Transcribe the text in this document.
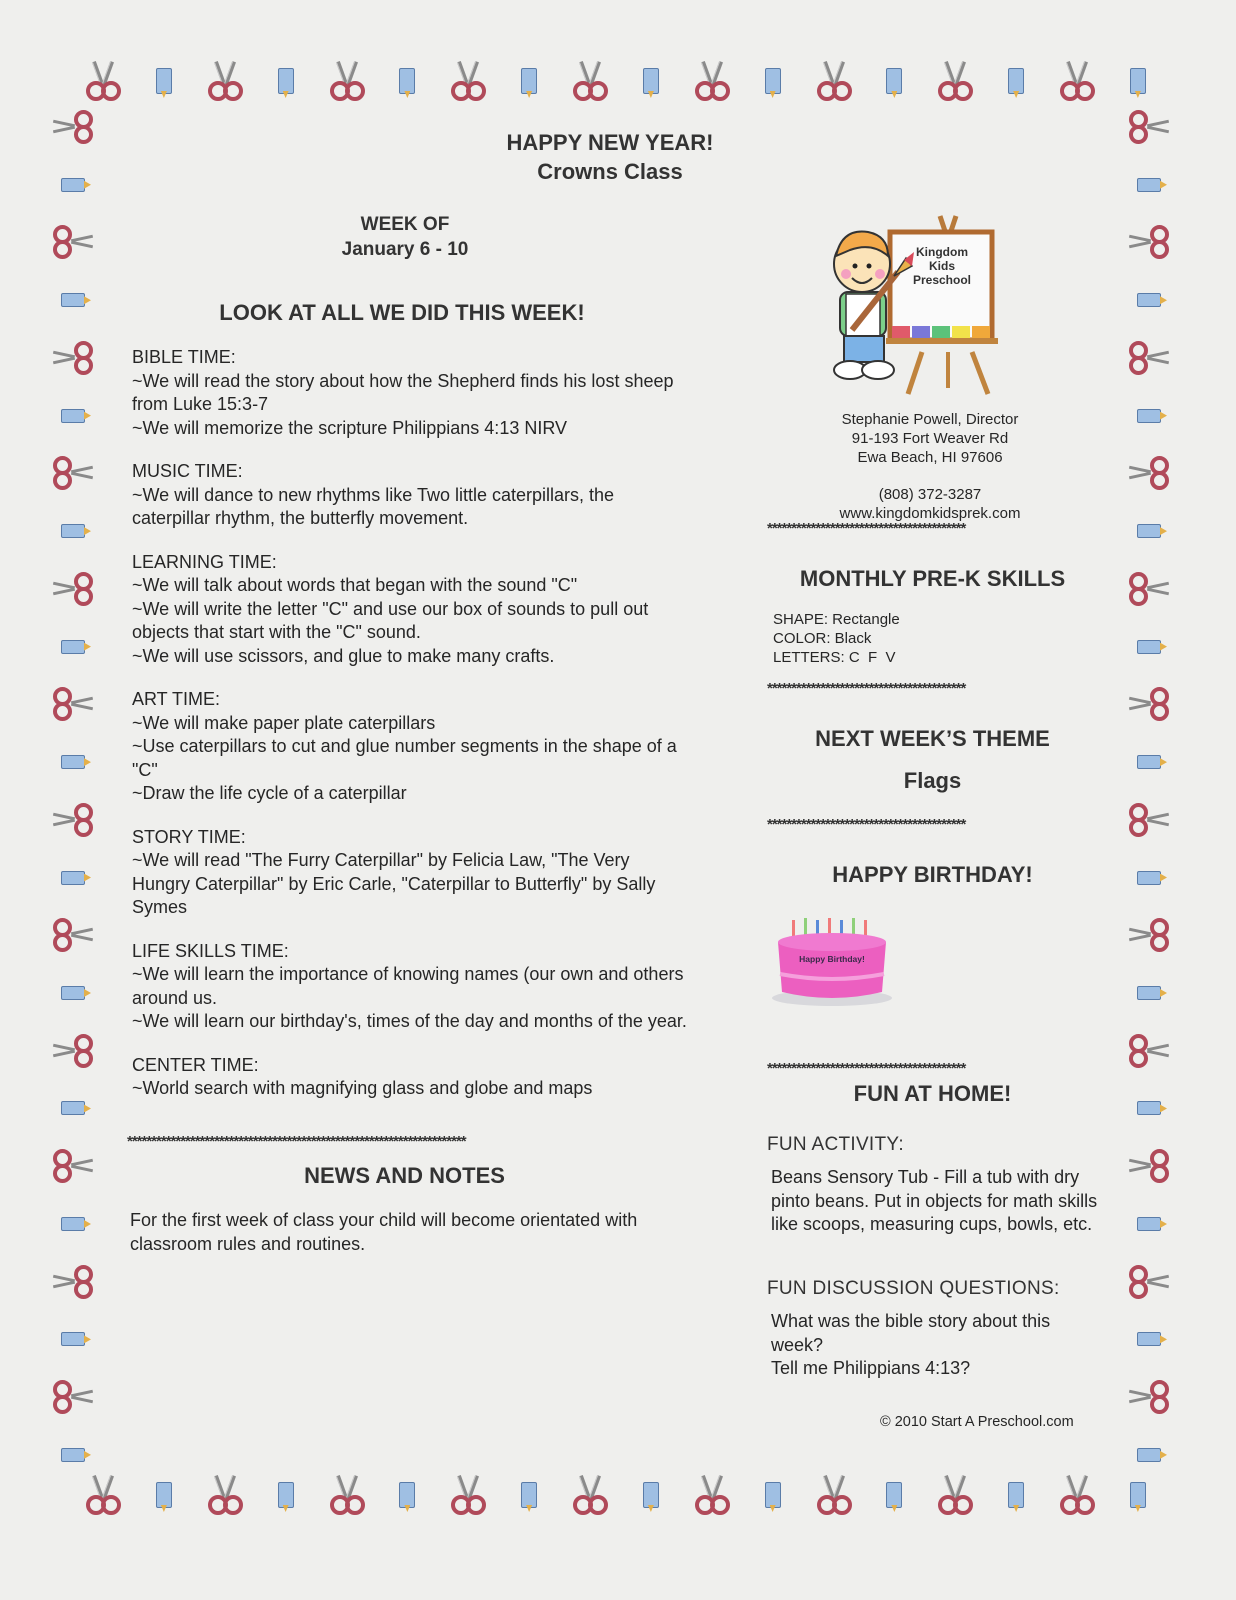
HAPPY NEW YEAR!
Crowns Class
WEEK OF
January 6 - 10
LOOK AT ALL WE DID THIS WEEK!
BIBLE TIME:
~We will read the story about how the Shepherd finds his lost sheep from Luke 15:3-7
~We will memorize the scripture Philippians 4:13 NIRV
MUSIC TIME:
~We will dance to new rhythms like Two little caterpillars, the caterpillar rhythm, the butterfly movement.
LEARNING TIME:
~We will talk about words that began with the sound "C"
~We will write the letter "C" and use our box of sounds to pull out objects that start with the "C" sound.
~We will use scissors, and glue to make many crafts.
ART TIME:
~We will make paper plate caterpillars
~Use caterpillars to cut and glue number segments in the shape of a "C"
~Draw the life cycle of a caterpillar
STORY TIME:
~We will read "The Furry Caterpillar" by Felicia Law, "The Very Hungry Caterpillar" by Eric Carle, "Caterpillar to Butterfly" by Sally Symes
LIFE SKILLS TIME:
~We will learn the importance of knowing names (our own and others around us.
~We will learn our birthday's, times of the day and months of the year.
CENTER TIME:
~World search with magnifying glass and globe and maps
**********************************************************************
NEWS AND NOTES
For the first week of class your child will become orientated with classroom rules and routines.
Kingdom
Kids
Preschool
Stephanie Powell, Director
91-193 Fort Weaver Rd
Ewa Beach, HI 97606
(808) 372-3287
www.kingdomkidsprek.com
*****************************************
MONTHLY PRE-K SKILLS
SHAPE: Rectangle
COLOR: Black
LETTERS: C  F  V
*****************************************
NEXT WEEK’S THEME
Flags
*****************************************
HAPPY BIRTHDAY!
Happy Birthday!
*****************************************
FUN AT HOME!
FUN ACTIVITY:
Beans Sensory Tub - Fill a tub with dry pinto beans. Put in objects for math skills like scoops, measuring cups, bowls, etc.
FUN DISCUSSION QUESTIONS:
What was the bible story about this week?
Tell me Philippians 4:13?
© 2010 Start A Preschool.com
